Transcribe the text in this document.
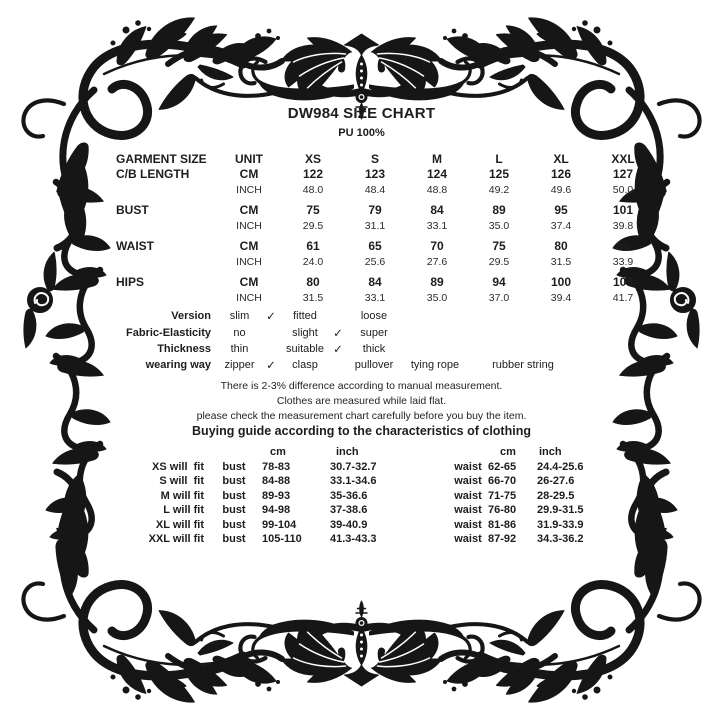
DW984 SIZE CHART
PU 100%
GARMENT SIZE	UNIT	XS	S	M	L	XL	XXL
C/B LENGTH	CM	122	123	124	125	126	127
INCH	48.0	48.4	48.8	49.2	49.6	50.0
BUST	CM	75	79	84	89	95	101
INCH	29.5	31.1	33.1	35.0	37.4	39.8
WAIST	CM	61	65	70	75	80	86
INCH	24.0	25.6	27.6	29.5	31.5	33.9
HIPS	CM	80	84	89	94	100	106
INCH	31.5	33.1	35.0	37.0	39.4	41.7
Version	slim	✓	fitted	loose
Fabric-Elasticity	no	slight	✓	super
Thickness	thin	suitable ✓	thick
wearing way	zipper	✓	clasp	pullover	tying rope	rubber string
There is 2-3% difference according to manual measurement.
Clothes are measured while laid flat.
please check the measurement chart carefully before you buy the item.
Buying guide according to the characteristics of clothing
cm	inch	cm	inch
XS will  fit	bust	78-83	30.7-32.7	waist 62-65	24.4-25.6
S will  fit	bust	84-88	33.1-34.6	waist 66-70	26-27.6
M will fit	bust	89-93	35-36.6	waist 71-75	28-29.5
L will fit	bust	94-98	37-38.6	waist 76-80	29.9-31.5
XL will fit	bust	99-104	39-40.9	waist 81-86	31.9-33.9
XXL will fit	bust	105-110	41.3-43.3	waist 87-92	34.3-36.2
